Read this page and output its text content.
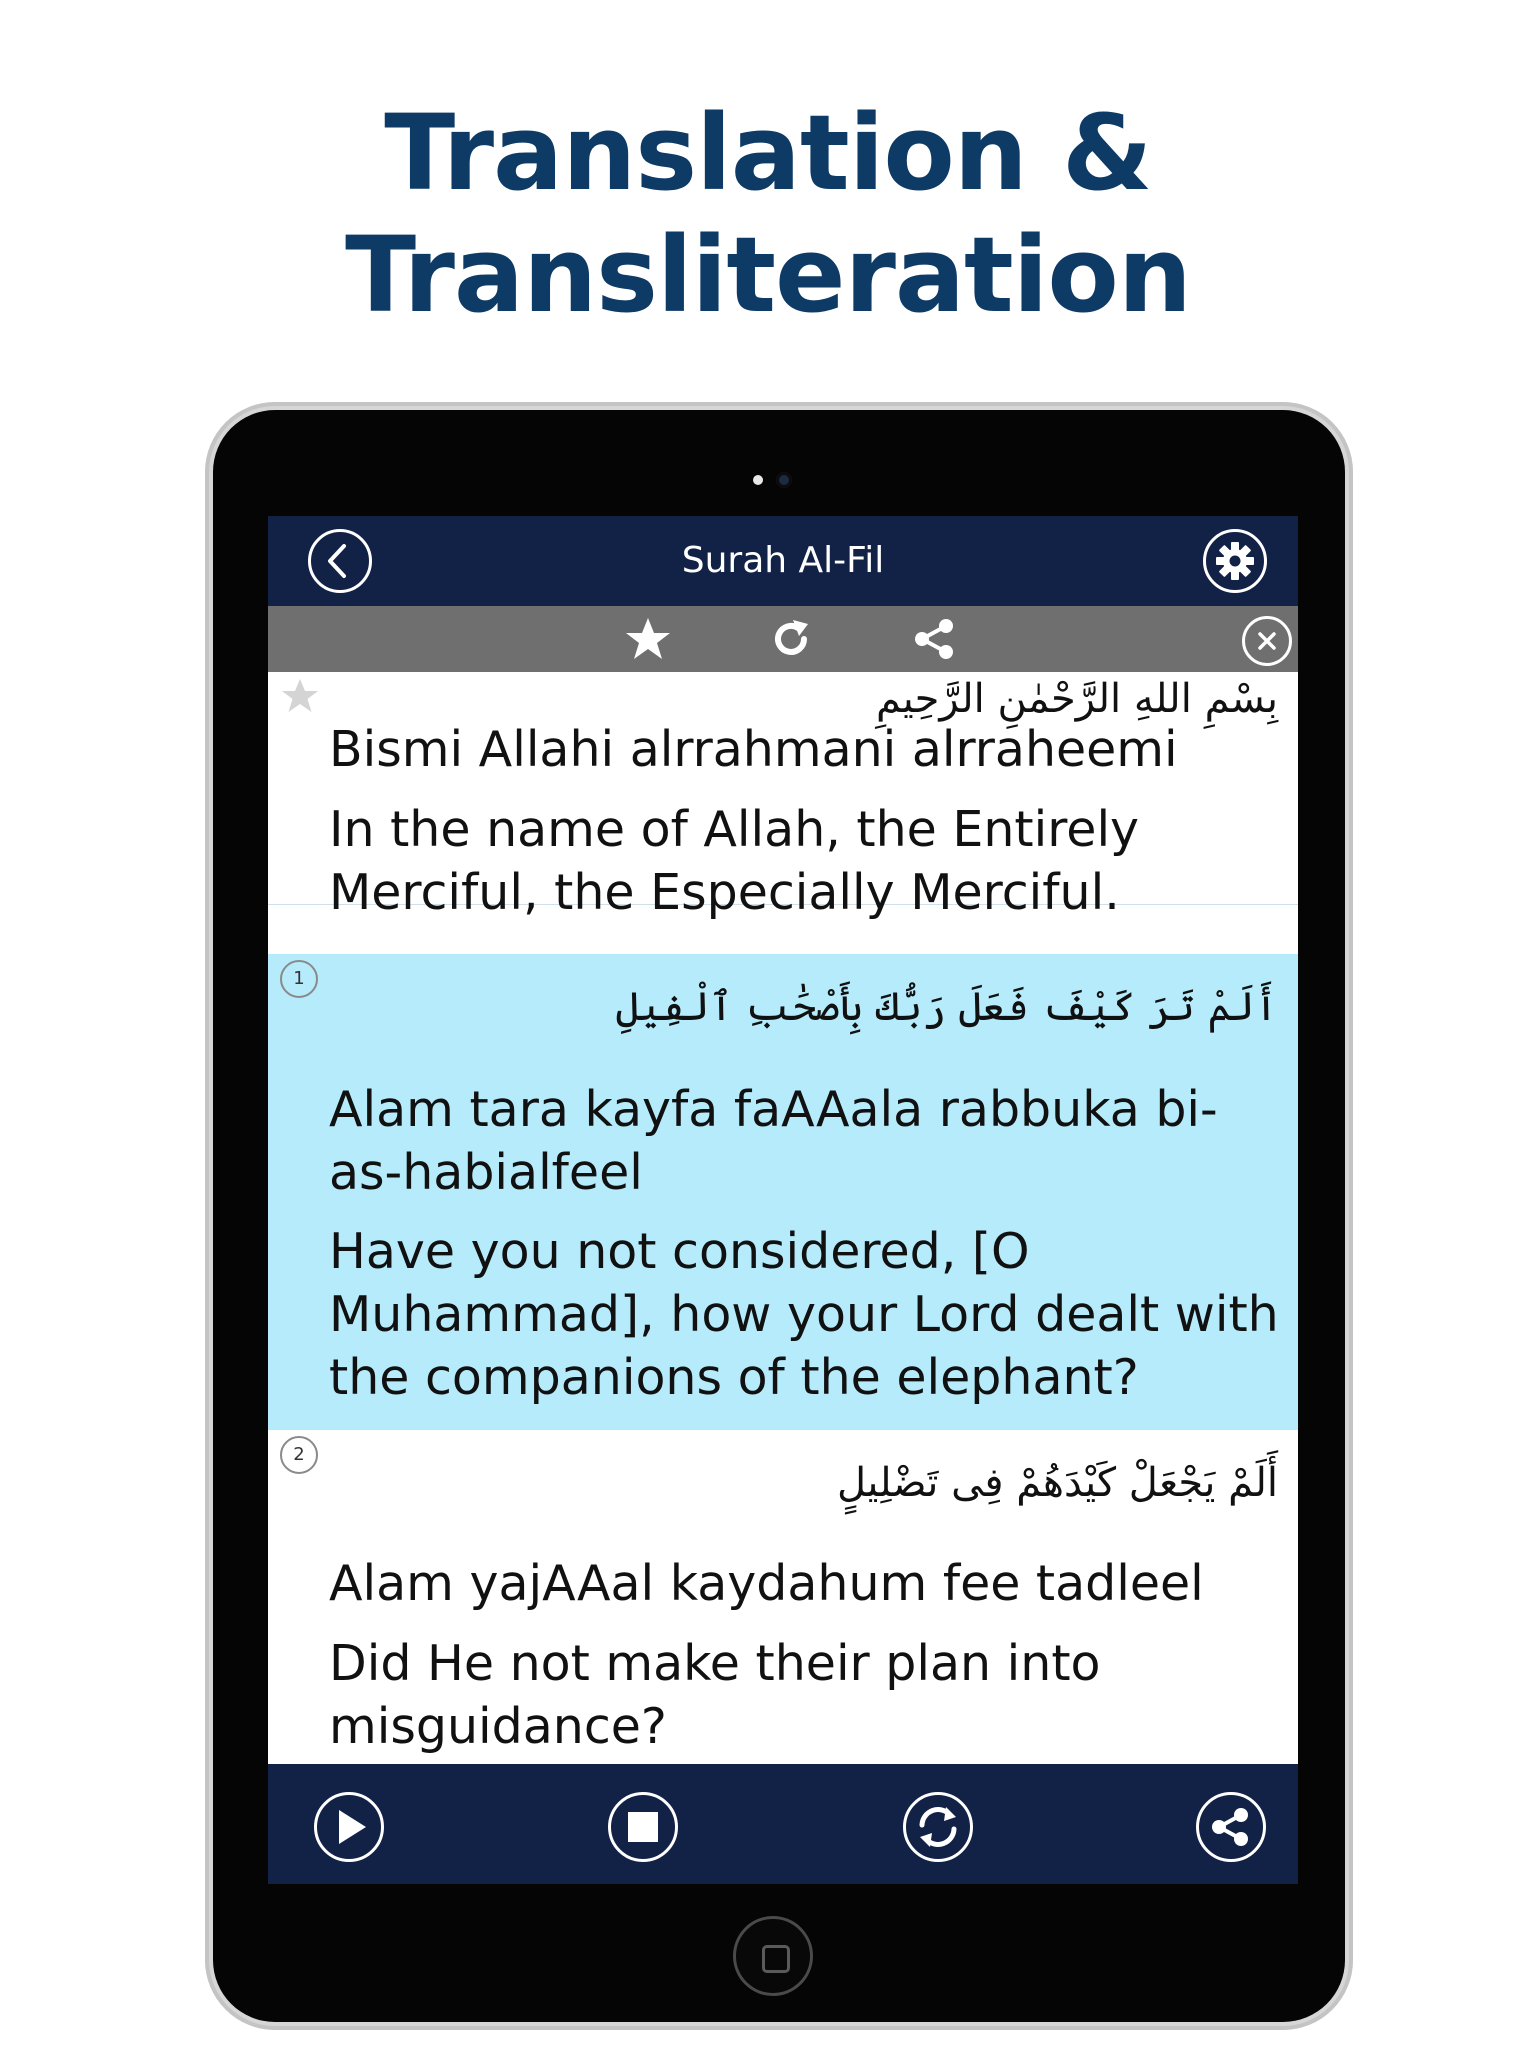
Translation & Transliteration
Surah Al-Fil
بِسْمِ اللهِ الرَّحْمٰنِ الرَّحِيمِ
Bismi Allahi alrrahmani alrraheemi
In the name of Allah, the Entirely Merciful, the Especially Merciful.
1
أَلَمْ تَرَ كَيْفَ فَعَلَ رَبُّكَ بِأَصْحَٰبِ ٱلْفِيلِ
Alam tara kayfa faAAala rabbuka bi-as-habialfeel
Have you not considered, [O Muhammad], how your Lord dealt with the companions of the elephant?
2
أَلَمْ يَجْعَلْ كَيْدَهُمْ فِى تَضْلِيلٍ
Alam yajAAal kaydahum fee tadleel
Did He not make their plan into misguidance?
